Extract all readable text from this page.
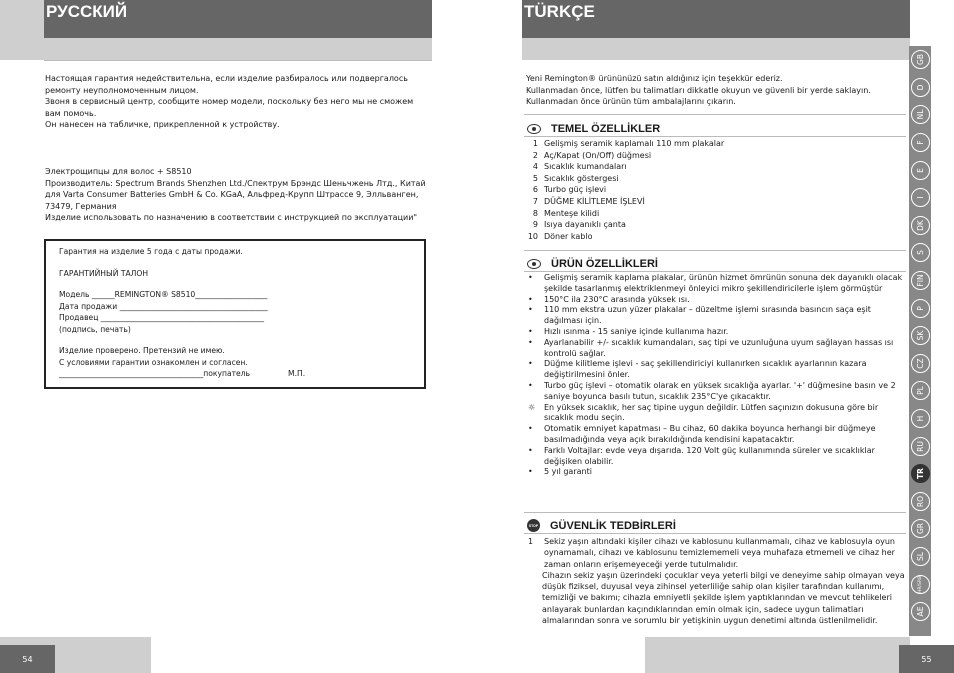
РУССКИЙ

Настоящая гарантия недействительна, если изделие разбиралось или подвергалось

ремонту неуполномоченным лицом.

Звоня в сервисный центр, сообщите номер модели, поскольку без него мы не сможем

вам помочь.

Он нанесен на табличке, прикрепленной к устройству.

Электрощипцы для волос + S8510

Производитель: Spectrum Brands Shenzhen Ltd./Спектрум Брэндс Шеньчжень Лтд., Китай

для Varta Consumer Batteries GmbH & Co. KGaA, Альфред-Крупп Штрассе 9, Элльванген,

73479, Германия

Изделие использовать по назначению в соответствии с инструкцией по эксплуатации"

Гарантия на изделие 5 года с даты продажи.

ГАРАНТИЙНЫЙ ТАЛОН

Модель ______REMINGTON® S8510___________________

Дата продажи _______________________________________

Продавец ___________________________________________

(подпись, печать)

Изделие проверено. Претензий не имею.

С условиями гарантии ознакомлен и согласен.

______________________________________покупатель	М.П.

54
TÜRKÇE

Yeni Remington® ürününüzü satın aldığınız için teşekkür ederiz.

Kullanmadan önce, lütfen bu talimatları dikkatle okuyun ve güvenli bir yerde saklayın.

Kullanmadan önce ürünün tüm ambalajlarını çıkarın.

TEMEL ÖZELLİKLER
1 Gelişmiş seramik kaplamalı 110 mm plakalar
2 Aç/Kapat (On/Off) düğmesi
4 Sıcaklık kumandaları
5 Sıcaklık göstergesi
6 Turbo güç işlevi
7 DÜĞME KİLİTLEME İŞLEVİ
8 Menteşe kilidi
9 Isıya dayanıklı çanta
10 Döner kablo
ÜRÜN ÖZELLİKLERİ
•	Gelişmiş seramik kaplama plakalar, ürünün hizmet ömrünün sonuna dek dayanıklı olacak
şekilde tasarlanmış elektriklenmeyi önleyici mikro şekillendiricilerle işlem görmüştür
•	150°C ila 230°C arasında yüksek ısı.
•	110 mm ekstra uzun yüzer plakalar – düzeltme işlemi sırasında basıncın saça eşit
dağılması için.
•	Hızlı ısınma - 15 saniye içinde kullanıma hazır.
•	Ayarlanabilir +/- sıcaklık kumandaları, saç tipi ve uzunluğuna uyum sağlayan hassas ısı
kontrolü sağlar.
•	Düğme kilitleme işlevi - saç şekillendiriciyi kullanırken sıcaklık ayarlarının kazara
değiştirilmesini önler.
•	Turbo güç işlevi – otomatik olarak en yüksek sıcaklığa ayarlar. '+' düğmesine basın ve 2
saniye boyunca basılı tutun, sıcaklık 235°C'ye çıkacaktır.
☼	En yüksek sıcaklık, her saç tipine uygun değildir. Lütfen saçınızın dokusuna göre bir
sıcaklık modu seçin.
•	Otomatik emniyet kapatması – Bu cihaz, 60 dakika boyunca herhangi bir düğmeye
basılmadığında veya açık bırakıldığında kendisini kapatacaktır.
•	Farklı Voltajlar: evde veya dışarıda. 120 Volt güç kullanımında süreler ve sıcaklıklar
değişiken olabilir.
•	5 yıl garanti
STOP GÜVENLİK TEDBİRLERİ
1	Sekiz yaşın altındaki kişiler cihazı ve kablosunu kullanmamalı, cihaz ve kablosuyla oyun
oynamamalı, cihazı ve kablosunu temizlememeli veya muhafaza etmemeli ve cihaz her
zaman onların erişemeyeceği yerde tutulmalıdır.
Cihazın sekiz yaşın üzerindeki çocuklar veya yeterli bilgi ve deneyime sahip olmayan veya
düşük fiziksel, duyusal veya zihinsel yeterliliğe sahip olan kişiler tarafından kullanımı,
temizliği ve bakımı; cihazla emniyetli şekilde işlem yaptıklarından ve mevcut tehlikeleri
anlayarak bunlardan kaçındıklarından emin olmak için, sadece uygun talimatları
almalarından sonra ve sorumlu bir yetişkinin uygun denetimi altında üstlenilmelidir.
GB
D
NL
F
E
I
DK
S
FIN
P
SK
CZ
PL
H
RU
TR
RO
GR
SL
HR/SRB
AE
55
